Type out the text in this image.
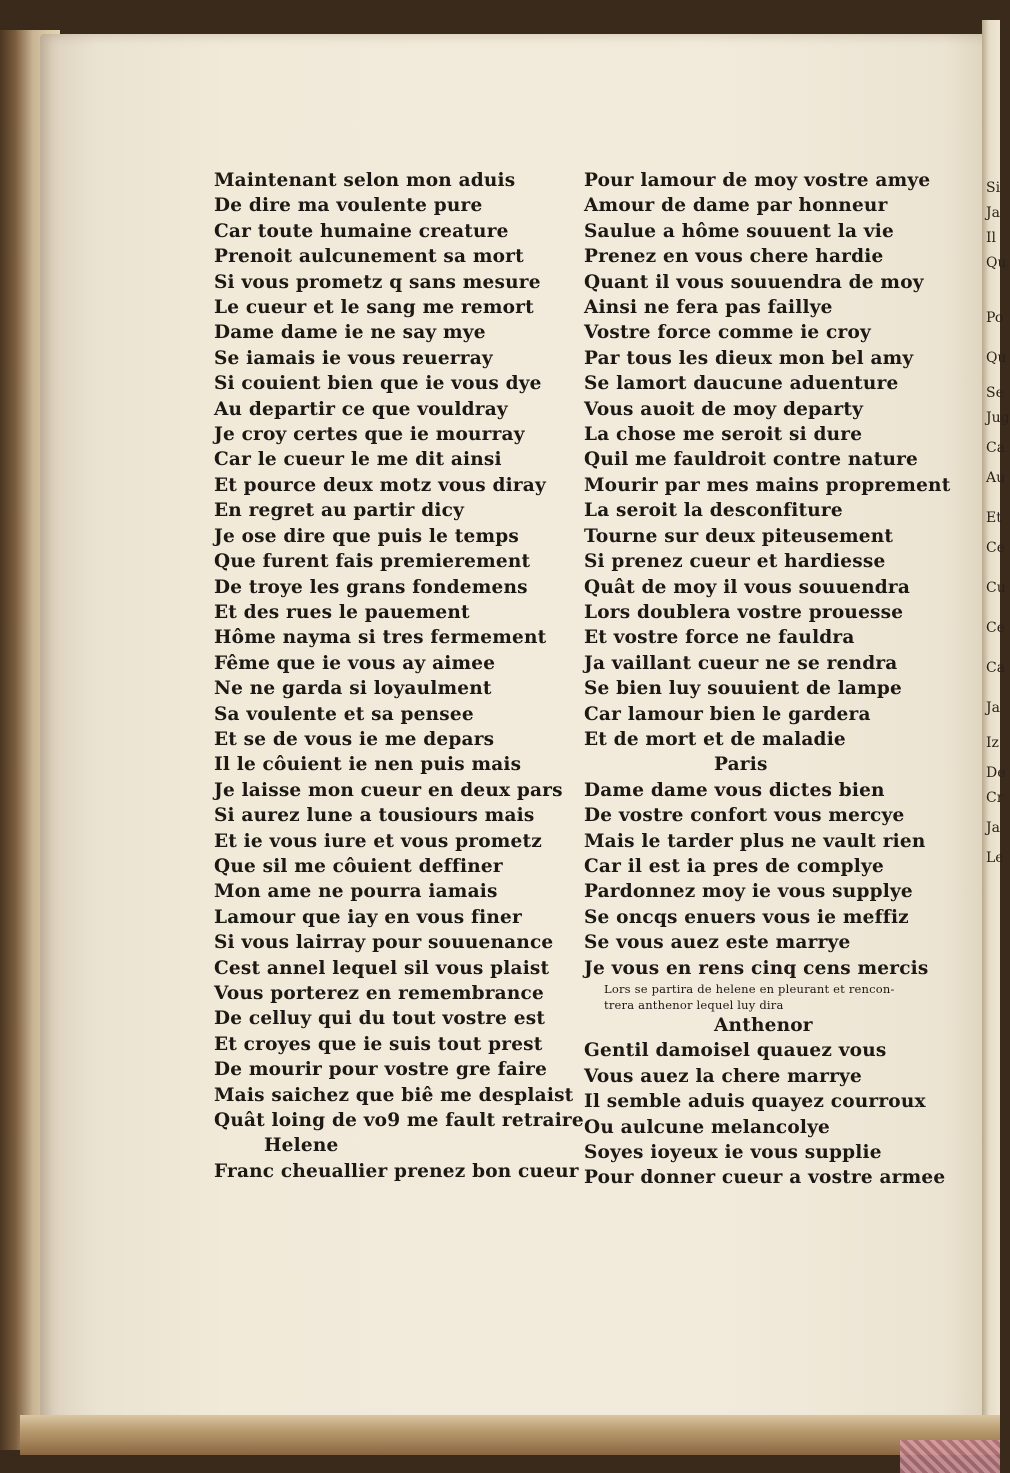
Si
Ja
Il
Qu
Po
Qu
Se
Jug
Ca
Au
Et
Ce
Cu
Ce
Ca
Ja
Iz
De
Cr
Ja
Le
Maintenant selon mon aduis
De dire ma voulente pure
Car toute humaine creature
Prenoit aulcunement sa mort
Si vous prometz q sans mesure
Le cueur et le sang me remort
Dame dame ie ne say mye
Se iamais ie vous reuerray
Si couient bien que ie vous dye
Au departir ce que vouldray
Je croy certes que ie mourray
Car le cueur le me dit ainsi
Et pource deux motz vous diray
En regret au partir dicy
Je ose dire que puis le temps
Que furent fais premierement
De troye les grans fondemens
Et des rues le pauement
Hôme nayma si tres fermement
Fême que ie vous ay aimee
Ne ne garda si loyaulment
Sa voulente et sa pensee
Et se de vous ie me depars
Il le côuient ie nen puis mais
Je laisse mon cueur en deux pars
Si aurez lune a tousiours mais
Et ie vous iure et vous prometz
Que sil me côuient deffiner
Mon ame ne pourra iamais
Lamour que iay en vous finer
Si vous lairray pour souuenance
Cest annel lequel sil vous plaist
Vous porterez en remembrance
De celluy qui du tout vostre est
Et croyes que ie suis tout prest
De mourir pour vostre gre faire
Mais saichez que biê me desplaist
Quât loing de vo9 me fault retraire
Helene
Franc cheuallier prenez bon cueur
Pour lamour de moy vostre amye
Amour de dame par honneur
Saulue a hôme souuent la vie
Prenez en vous chere hardie
Quant il vous souuendra de moy
Ainsi ne fera pas faillye
Vostre force comme ie croy
Par tous les dieux mon bel amy
Se lamort daucune aduenture
Vous auoit de moy departy
La chose me seroit si dure
Quil me fauldroit contre nature
Mourir par mes mains proprement
La seroit la desconfiture
Tourne sur deux piteusement
Si prenez cueur et hardiesse
Quât de moy il vous souuendra
Lors doublera vostre prouesse
Et vostre force ne fauldra
Ja vaillant cueur ne se rendra
Se bien luy souuient de lampe
Car lamour bien le gardera
Et de mort et de maladie
Paris
Dame dame vous dictes bien
De vostre confort vous mercye
Mais le tarder plus ne vault rien
Car il est ia pres de complye
Pardonnez moy ie vous supplye
Se oncqs enuers vous ie meffiz
Se vous auez este marrye
Je vous en rens cinq cens mercis
Lors se partira de helene en pleurant et rencon-
trera anthenor lequel luy dira
Anthenor
Gentil damoisel quauez vous
Vous auez la chere marrye
Il semble aduis quayez courroux
Ou aulcune melancolye
Soyes ioyeux ie vous supplie
Pour donner cueur a vostre armee
